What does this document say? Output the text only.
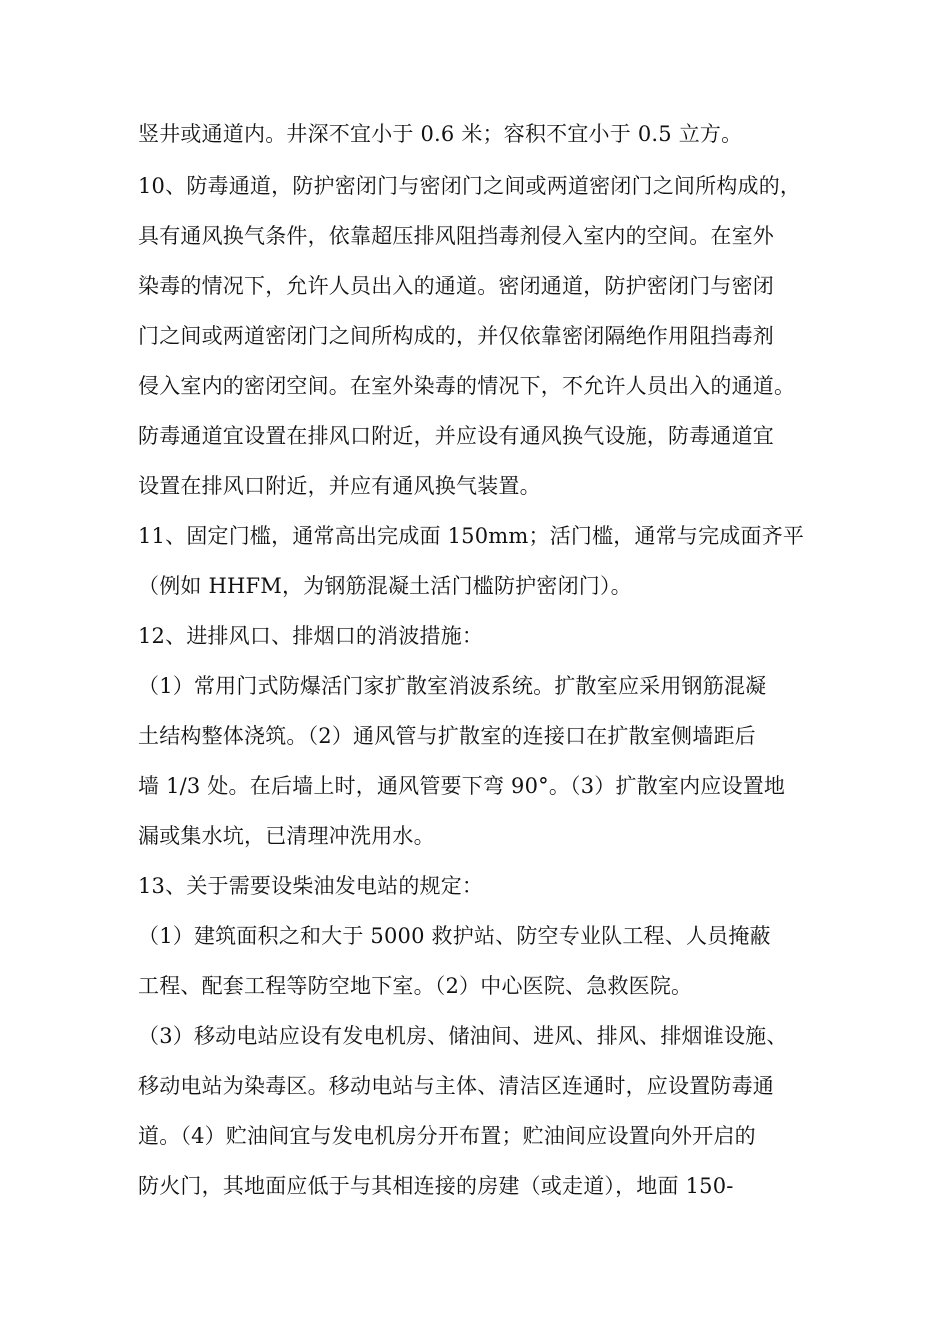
竖井或通道内。井深不宜小于 0.6 米；容积不宜小于 0.5 立方。
10、防毒通道，防护密闭门与密闭门之间或两道密闭门之间所构成的，
具有通风换气条件，依靠超压排风阻挡毒剂侵入室内的空间。在室外
染毒的情况下，允许人员出入的通道。密闭通道，防护密闭门与密闭
门之间或两道密闭门之间所构成的，并仅依靠密闭隔绝作用阻挡毒剂
侵入室内的密闭空间。在室外染毒的情况下，不允许人员出入的通道。
防毒通道宜设置在排风口附近，并应设有通风换气设施，防毒通道宜
设置在排风口附近，并应有通风换气装置。
11、固定门槛，通常高出完成面 150mm；活门槛，通常与完成面齐平
（例如 HHFM，为钢筋混凝土活门槛防护密闭门）。
12、进排风口、排烟口的消波措施：
（1）常用门式防爆活门家扩散室消波系统。扩散室应采用钢筋混凝
土结构整体浇筑。（2）通风管与扩散室的连接口在扩散室侧墙距后
墙 1/3 处。在后墙上时，通风管要下弯 90°。（3）扩散室内应设置地
漏或集水坑，已清理冲洗用水。
13、关于需要设柴油发电站的规定：
（1）建筑面积之和大于 5000 救护站、防空专业队工程、人员掩蔽
工程、配套工程等防空地下室。（2）中心医院、急救医院。
（3）移动电站应设有发电机房、储油间、进风、排风、排烟谁设施、
移动电站为染毒区。移动电站与主体、清洁区连通时，应设置防毒通
道。（4）贮油间宜与发电机房分开布置；贮油间应设置向外开启的
防火门，其地面应低于与其相连接的房建（或走道），地面 150-
